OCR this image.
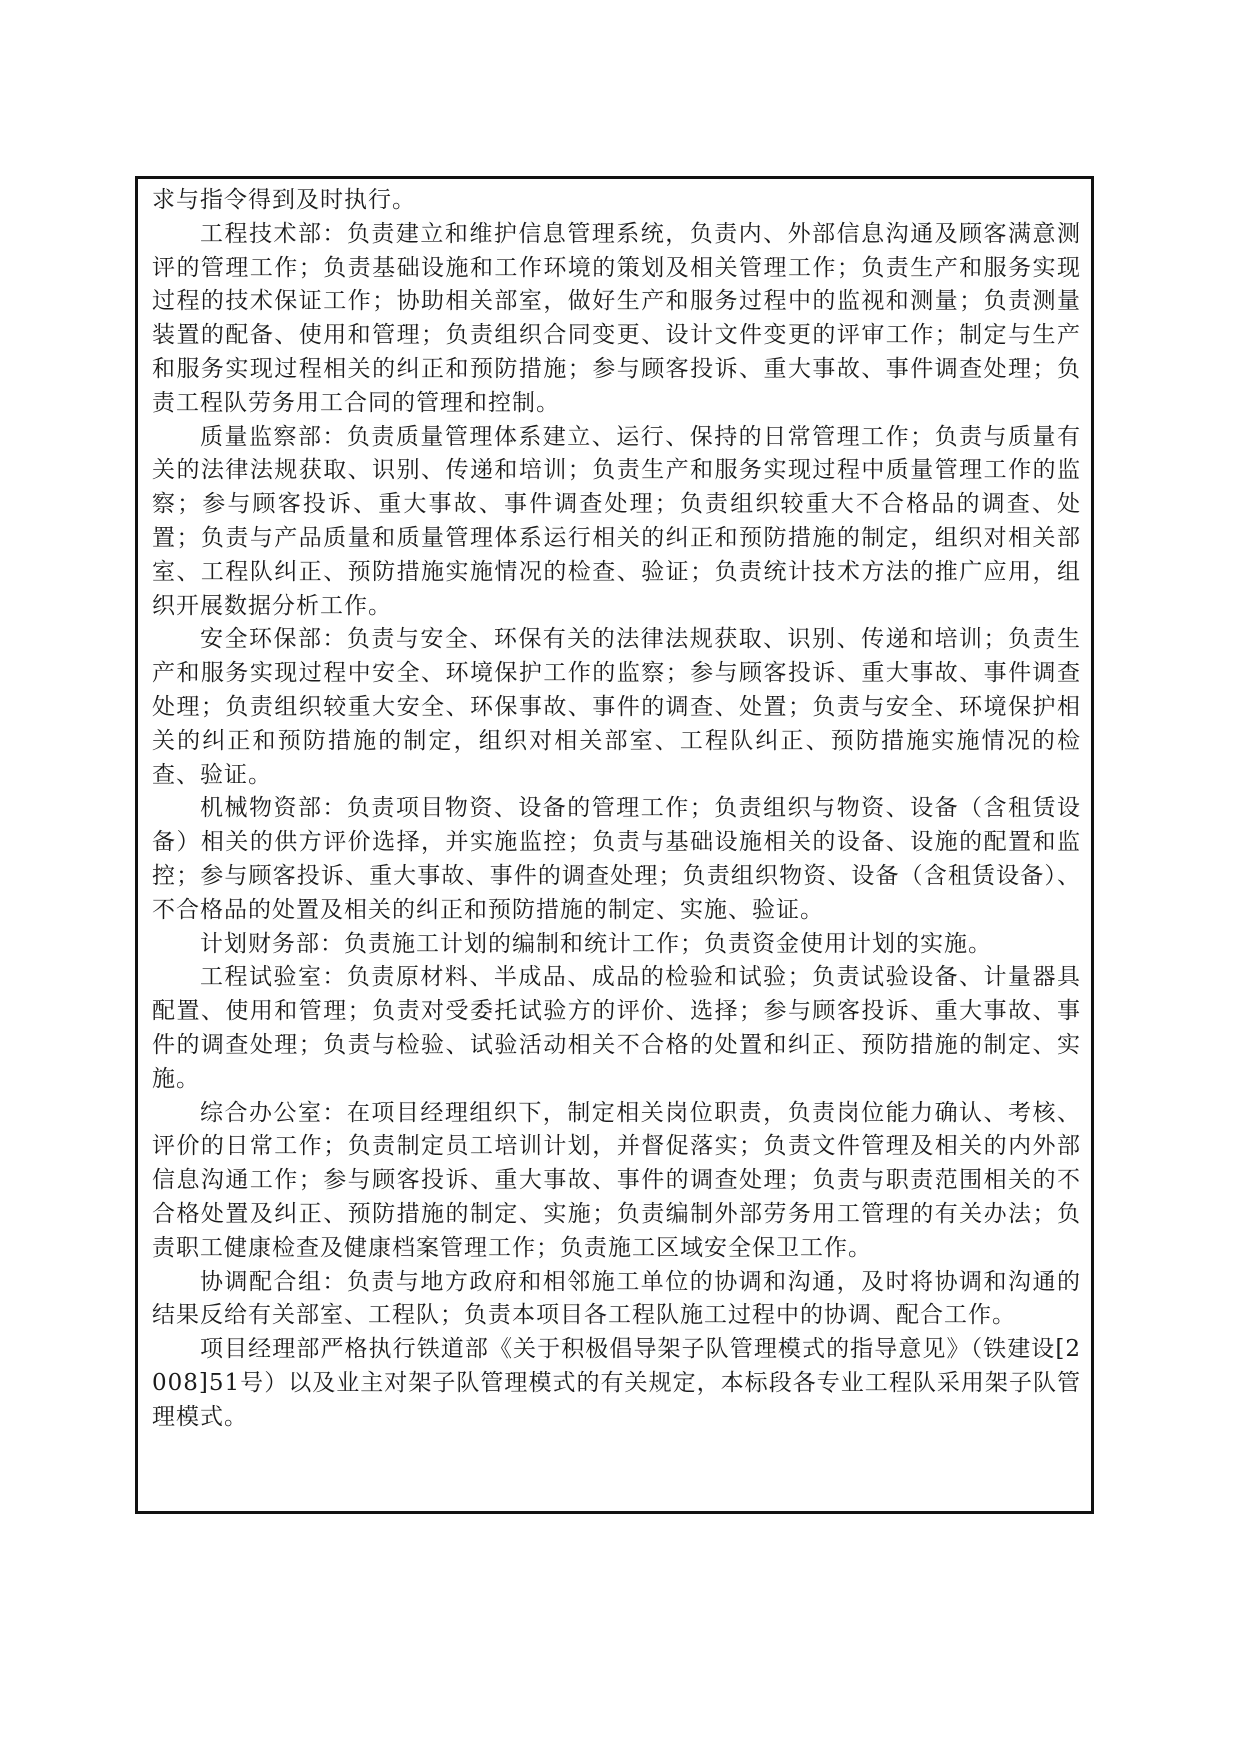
求与指令得到及时执行。

工程技术部：负责建立和维护信息管理系统，负责内、外部信息沟通及顾客满意测评的管理工作；负责基础设施和工作环境的策划及相关管理工作；负责生产和服务实现过程的技术保证工作；协助相关部室，做好生产和服务过程中的监视和测量；负责测量装置的配备、使用和管理；负责组织合同变更、设计文件变更的评审工作；制定与生产和服务实现过程相关的纠正和预防措施；参与顾客投诉、重大事故、事件调查处理；负责工程队劳务用工合同的管理和控制。

质量监察部：负责质量管理体系建立、运行、保持的日常管理工作；负责与质量有关的法律法规获取、识别、传递和培训；负责生产和服务实现过程中质量管理工作的监察；参与顾客投诉、重大事故、事件调查处理；负责组织较重大不合格品的调查、处置；负责与产品质量和质量管理体系运行相关的纠正和预防措施的制定，组织对相关部室、工程队纠正、预防措施实施情况的检查、验证；负责统计技术方法的推广应用，组织开展数据分析工作。

安全环保部：负责与安全、环保有关的法律法规获取、识别、传递和培训；负责生产和服务实现过程中安全、环境保护工作的监察；参与顾客投诉、重大事故、事件调查处理；负责组织较重大安全、环保事故、事件的调查、处置；负责与安全、环境保护相关的纠正和预防措施的制定，组织对相关部室、工程队纠正、预防措施实施情况的检查、验证。

机械物资部：负责项目物资、设备的管理工作；负责组织与物资、设备（含租赁设备）相关的供方评价选择，并实施监控；负责与基础设施相关的设备、设施的配置和监控；参与顾客投诉、重大事故、事件的调查处理；负责组织物资、设备（含租赁设备）、不合格品的处置及相关的纠正和预防措施的制定、实施、验证。

计划财务部：负责施工计划的编制和统计工作；负责资金使用计划的实施。

工程试验室：负责原材料、半成品、成品的检验和试验；负责试验设备、计量器具配置、使用和管理；负责对受委托试验方的评价、选择；参与顾客投诉、重大事故、事件的调查处理；负责与检验、试验活动相关不合格的处置和纠正、预防措施的制定、实施。

综合办公室：在项目经理组织下，制定相关岗位职责，负责岗位能力确认、考核、评价的日常工作；负责制定员工培训计划，并督促落实；负责文件管理及相关的内外部信息沟通工作；参与顾客投诉、重大事故、事件的调查处理；负责与职责范围相关的不合格处置及纠正、预防措施的制定、实施；负责编制外部劳务用工管理的有关办法；负责职工健康检查及健康档案管理工作；负责施工区域安全保卫工作。

协调配合组：负责与地方政府和相邻施工单位的协调和沟通，及时将协调和沟通的结果反给有关部室、工程队；负责本项目各工程队施工过程中的协调、配合工作。

项目经理部严格执行铁道部《关于积极倡导架子队管理模式的指导意见》（铁建设[2008]51号）以及业主对架子队管理模式的有关规定，本标段各专业工程队采用架子队管理模式。
